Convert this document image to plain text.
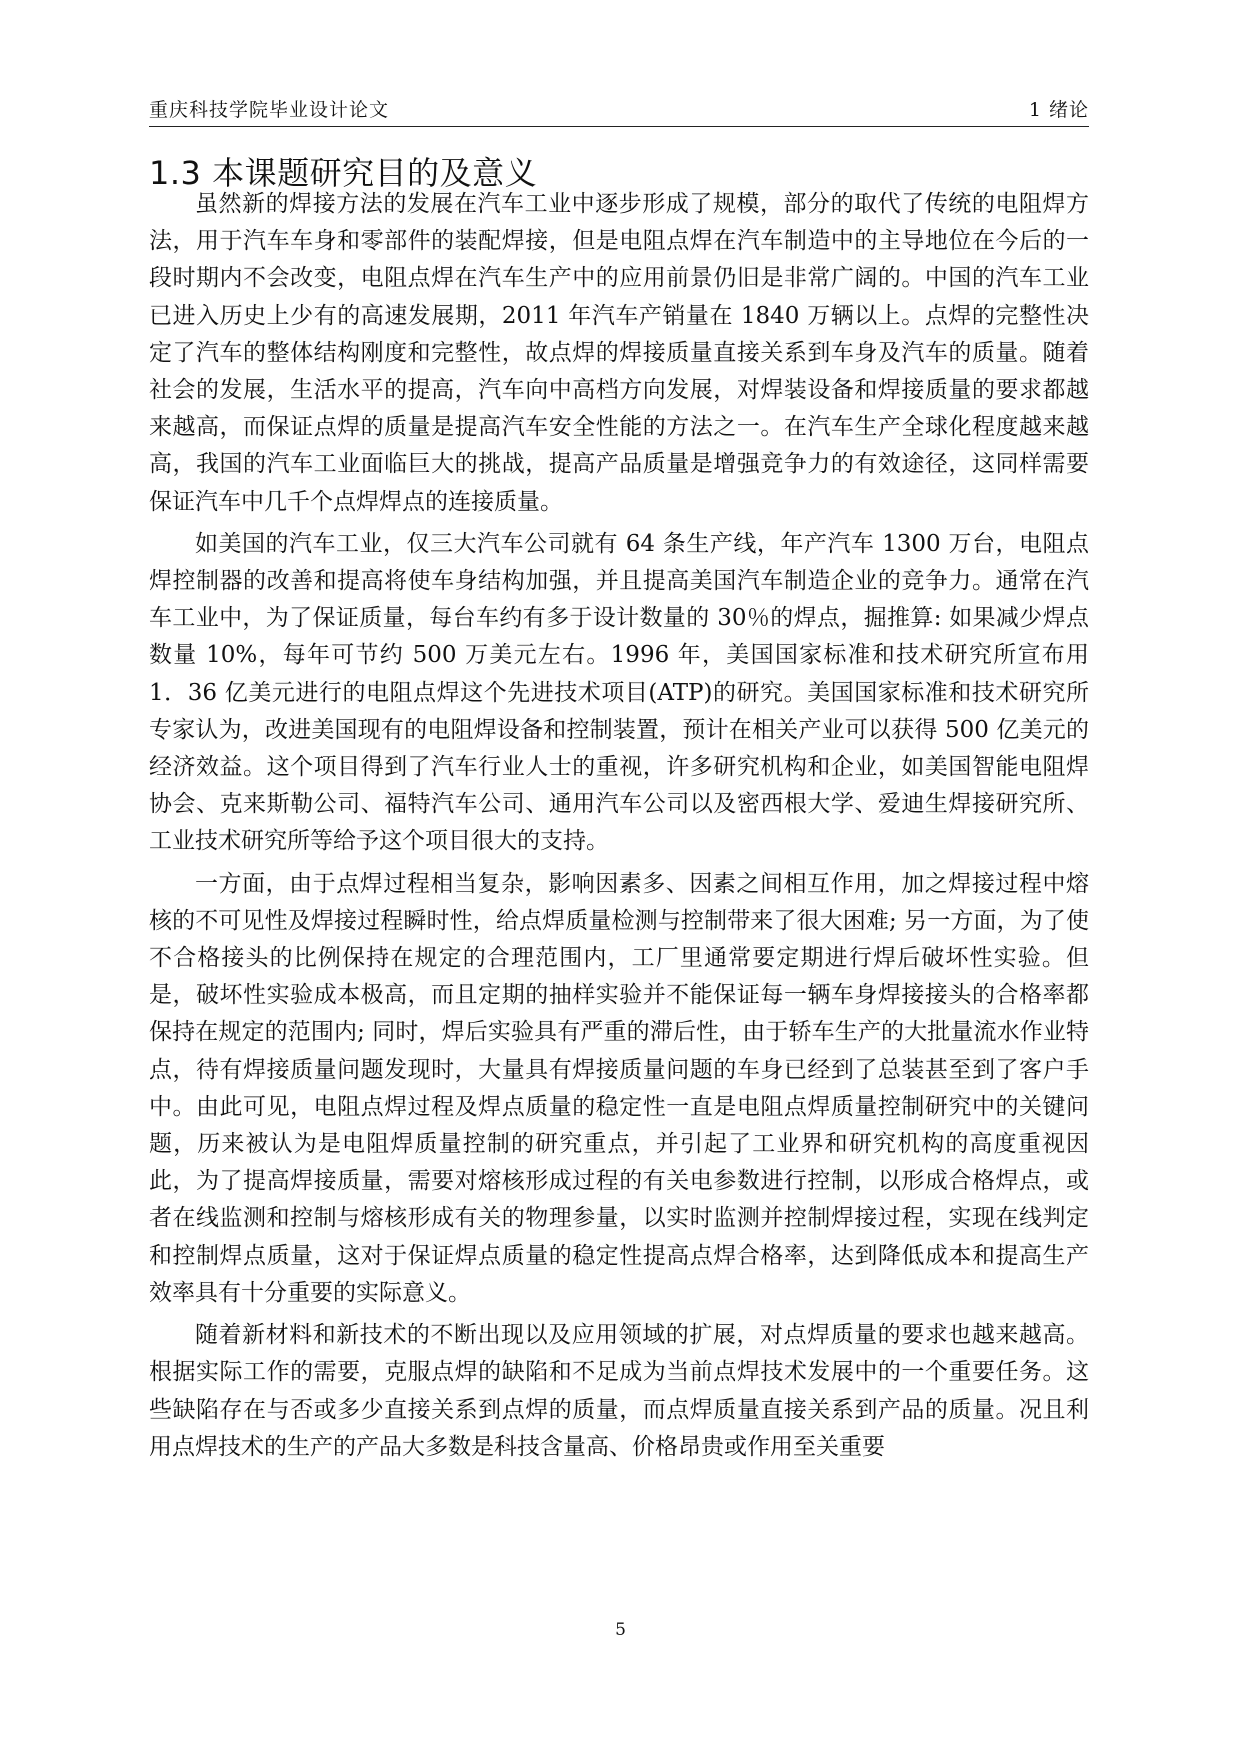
重庆科技学院毕业设计论文	1 绪论
1.3 本课题研究目的及意义

虽然新的焊接方法的发展在汽车工业中逐步形成了规模，部分的取代了传统的电阻焊方法，用于汽车车身和零部件的装配焊接，但是电阻点焊在汽车制造中的主导地位在今后的一段时期内不会改变，电阻点焊在汽车生产中的应用前景仍旧是非常广阔的。中国的汽车工业已进入历史上少有的高速发展期，2011 年汽车产销量在 1840 万辆以上。点焊的完整性决定了汽车的整体结构刚度和完整性，故点焊的焊接质量直接关系到车身及汽车的质量。随着社会的发展，生活水平的提高，汽车向中高档方向发展，对焊装设备和焊接质量的要求都越来越高，而保证点焊的质量是提高汽车安全性能的方法之一。在汽车生产全球化程度越来越高，我国的汽车工业面临巨大的挑战，提高产品质量是增强竞争力的有效途径，这同样需要保证汽车中几千个点焊焊点的连接质量。

如美国的汽车工业，仅三大汽车公司就有 64 条生产线，年产汽车 1300 万台，电阻点焊控制器的改善和提高将使车身结构加强，并且提高美国汽车制造企业的竞争力。通常在汽车工业中，为了保证质量，每台车约有多于设计数量的 30％的焊点，掘推算: 如果减少焊点数量 10%，每年可节约 500 万美元左右。1996 年，美国国家标准和技术研究所宣布用 1．36 亿美元进行的电阻点焊这个先进技术项目(ATP)的研究。美国国家标准和技术研究所专家认为，改进美国现有的电阻焊设备和控制装置，预计在相关产业可以获得 500 亿美元的经济效益。这个项目得到了汽车行业人士的重视，许多研究机构和企业，如美国智能电阻焊协会、克来斯勒公司、福特汽车公司、通用汽车公司以及密西根大学、爱迪生焊接研究所、工业技术研究所等给予这个项目很大的支持。

一方面，由于点焊过程相当复杂，影响因素多、因素之间相互作用，加之焊接过程中熔核的不可见性及焊接过程瞬时性，给点焊质量检测与控制带来了很大困难; 另一方面，为了使不合格接头的比例保持在规定的合理范围内，工厂里通常要定期进行焊后破坏性实验。但是，破坏性实验成本极高，而且定期的抽样实验并不能保证每一辆车身焊接接头的合格率都保持在规定的范围内; 同时，焊后实验具有严重的滞后性，由于轿车生产的大批量流水作业特点，待有焊接质量问题发现时，大量具有焊接质量问题的车身已经到了总装甚至到了客户手中。由此可见，电阻点焊过程及焊点质量的稳定性一直是电阻点焊质量控制研究中的关键问题，历来被认为是电阻焊质量控制的研究重点，并引起了工业界和研究机构的高度重视因此，为了提高焊接质量，需要对熔核形成过程的有关电参数进行控制，以形成合格焊点，或者在线监测和控制与熔核形成有关的物理参量，以实时监测并控制焊接过程，实现在线判定和控制焊点质量，这对于保证焊点质量的稳定性提高点焊合格率，达到降低成本和提高生产效率具有十分重要的实际意义。

随着新材料和新技术的不断出现以及应用领域的扩展，对点焊质量的要求也越来越高。根据实际工作的需要，克服点焊的缺陷和不足成为当前点焊技术发展中的一个重要任务。这些缺陷存在与否或多少直接关系到点焊的质量，而点焊质量直接关系到产品的质量。况且利用点焊技术的生产的产品大多数是科技含量高、价格昂贵或作用至关重要

5
